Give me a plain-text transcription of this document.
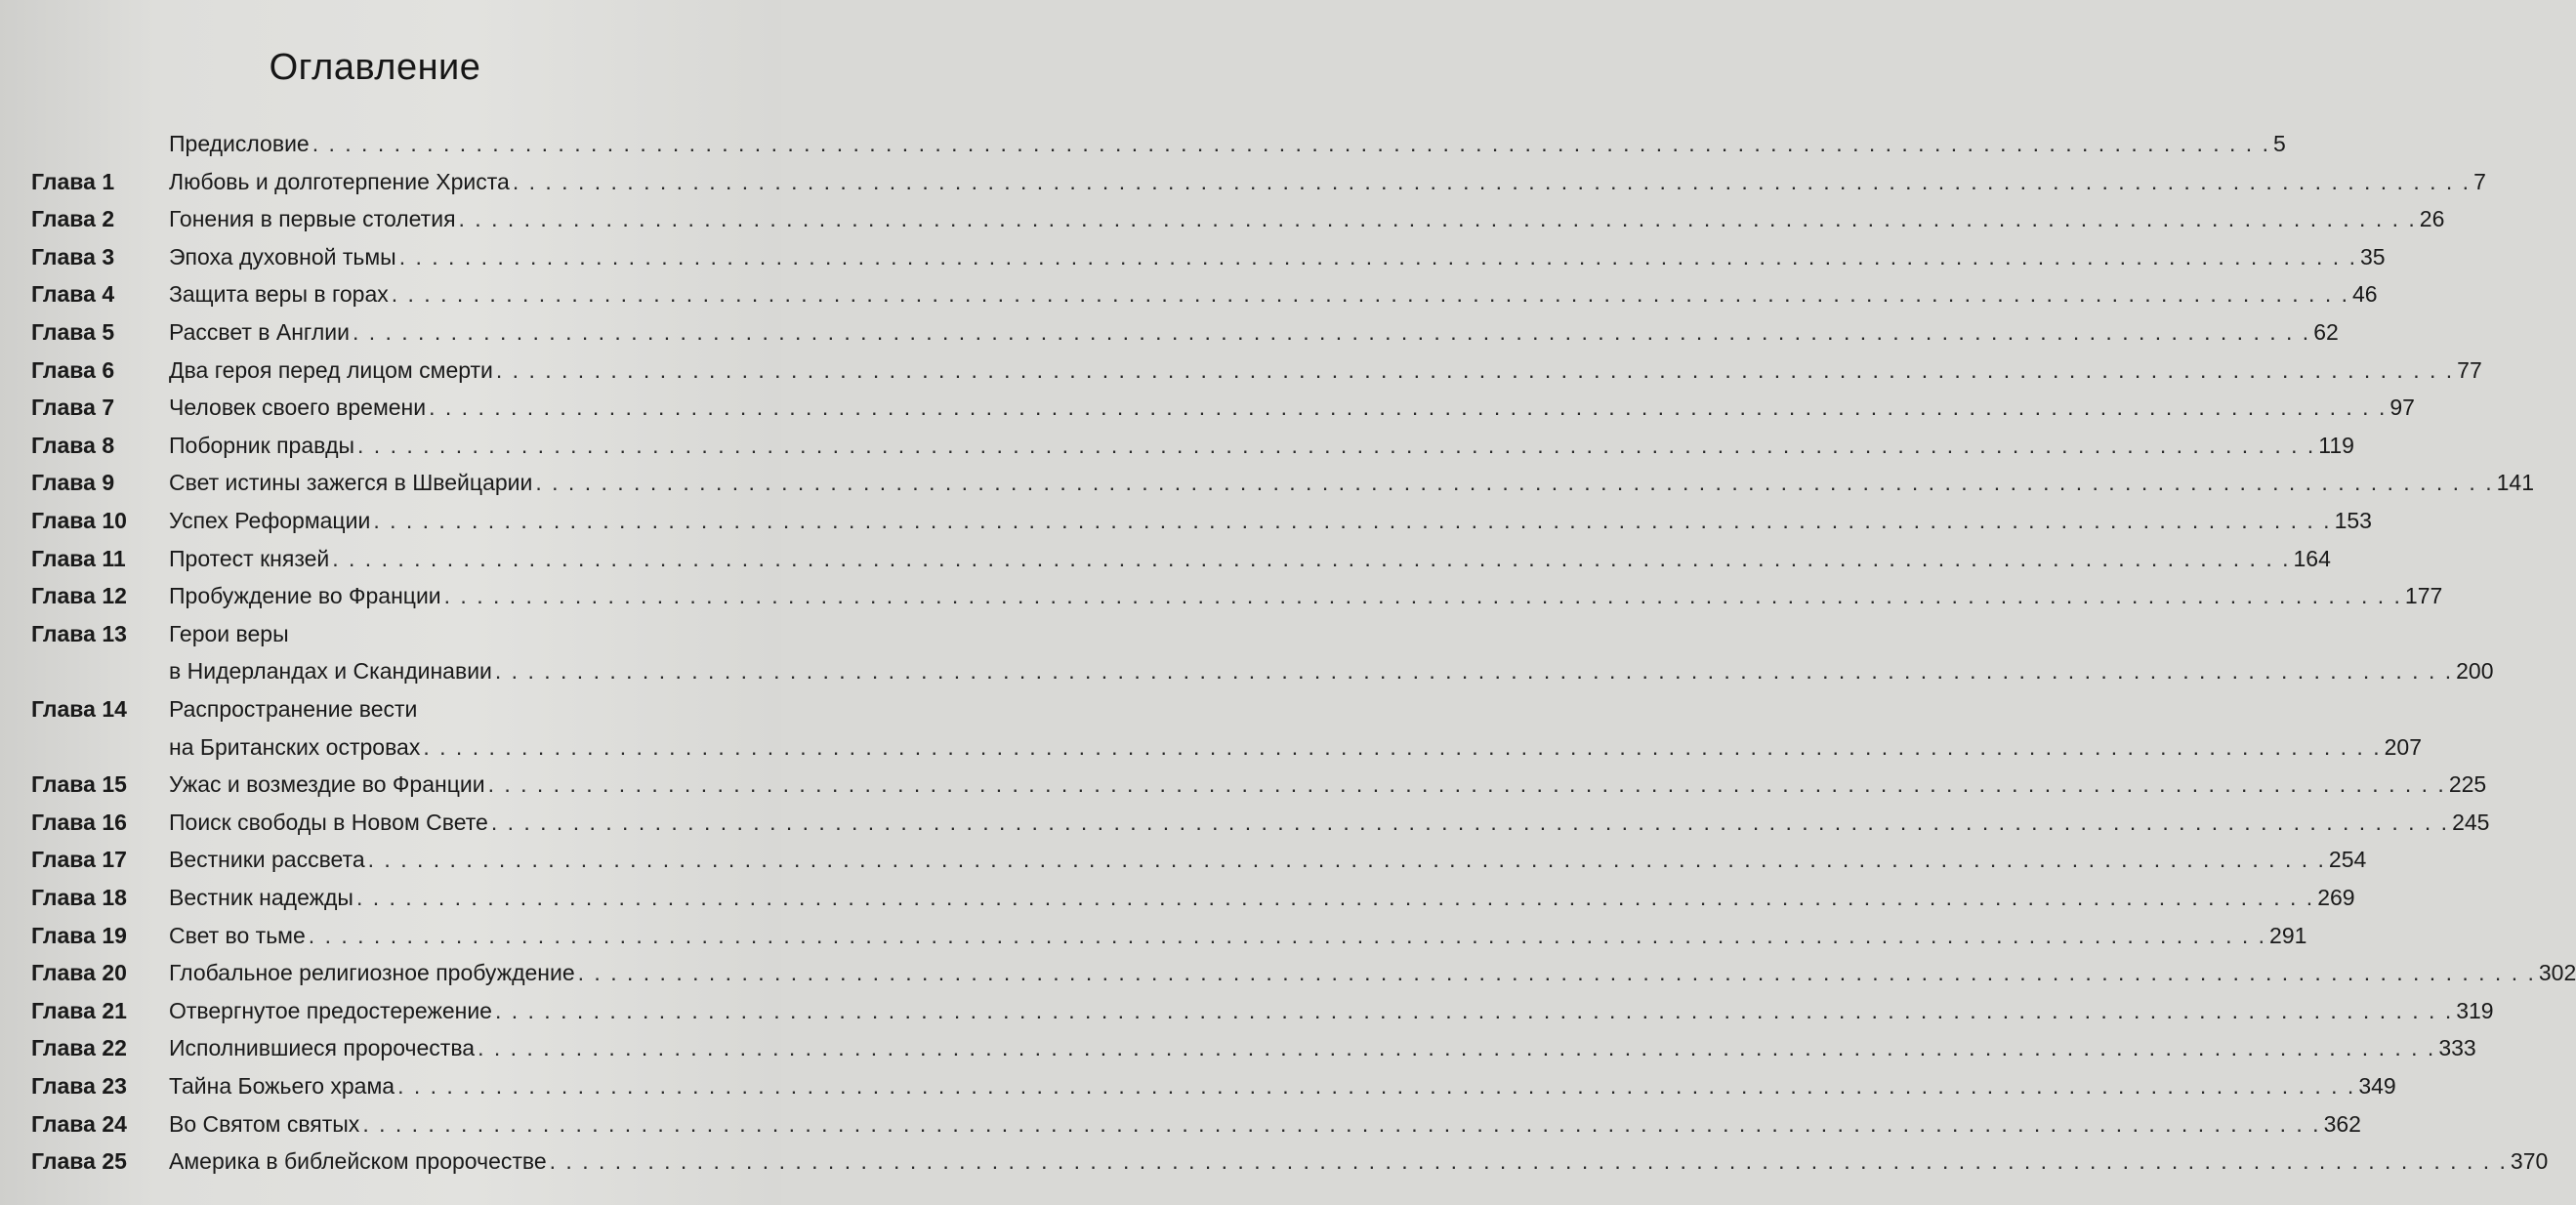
Оглавление
Предисловие . . . . . . . . . . . . . . . . . . . . . . . . . . . . . . . . . . . . . . . . . . . . . . . . . . . . . . . . . . . . . . . . . . . . . . . . . . . . . . . . . . . . . . . . . . . . . . . . . . . . . . . . . . . . . . . . . . . . . . . . 5
Глава 1 Любовь и долготерпение Христа . . . . . . . . . . . . . . . . . . . . . . . . . . . . . . . . . . . . . . . . . . . . . . . . . . . . . . . . . . . . . . . . . . . . . . . . . . . . . . . . . . . . . . . . . . . . . . . . . . . . . . . . . . . . . . . . . . . . . . . . 7
Глава 2 Гонения в первые столетия . . . . . . . . . . . . . . . . . . . . . . . . . . . . . . . . . . . . . . . . . . . . . . . . . . . . . . . . . . . . . . . . . . . . . . . . . . . . . . . . . . . . . . . . . . . . . . . . . . . . . . . . . . . . . . . . . . . . . . . . 26
Глава 3 Эпоха духовной тьмы . . . . . . . . . . . . . . . . . . . . . . . . . . . . . . . . . . . . . . . . . . . . . . . . . . . . . . . . . . . . . . . . . . . . . . . . . . . . . . . . . . . . . . . . . . . . . . . . . . . . . . . . . . . . . . . . . . . . . . . . 35
Глава 4 Защита веры в горах . . . . . . . . . . . . . . . . . . . . . . . . . . . . . . . . . . . . . . . . . . . . . . . . . . . . . . . . . . . . . . . . . . . . . . . . . . . . . . . . . . . . . . . . . . . . . . . . . . . . . . . . . . . . . . . . . . . . . . . . 46
Глава 5 Рассвет в Англии . . . . . . . . . . . . . . . . . . . . . . . . . . . . . . . . . . . . . . . . . . . . . . . . . . . . . . . . . . . . . . . . . . . . . . . . . . . . . . . . . . . . . . . . . . . . . . . . . . . . . . . . . . . . . . . . . . . . . . . . 62
Глава 6 Два героя перед лицом смерти . . . . . . . . . . . . . . . . . . . . . . . . . . . . . . . . . . . . . . . . . . . . . . . . . . . . . . . . . . . . . . . . . . . . . . . . . . . . . . . . . . . . . . . . . . . . . . . . . . . . . . . . . . . . . . . . . . . . . . . . 77
Глава 7 Человек своего времени . . . . . . . . . . . . . . . . . . . . . . . . . . . . . . . . . . . . . . . . . . . . . . . . . . . . . . . . . . . . . . . . . . . . . . . . . . . . . . . . . . . . . . . . . . . . . . . . . . . . . . . . . . . . . . . . . . . . . . . . 97
Глава 8 Поборник правды . . . . . . . . . . . . . . . . . . . . . . . . . . . . . . . . . . . . . . . . . . . . . . . . . . . . . . . . . . . . . . . . . . . . . . . . . . . . . . . . . . . . . . . . . . . . . . . . . . . . . . . . . . . . . . . . . . . . . . . . 119
Глава 9 Свет истины зажегся в Швейцарии . . . . . . . . . . . . . . . . . . . . . . . . . . . . . . . . . . . . . . . . . . . . . . . . . . . . . . . . . . . . . . . . . . . . . . . . . . . . . . . . . . . . . . . . . . . . . . . . . . . . . . . . . . . . . . . . . . . . . . . . 141
Глава 10 Успех Реформации . . . . . . . . . . . . . . . . . . . . . . . . . . . . . . . . . . . . . . . . . . . . . . . . . . . . . . . . . . . . . . . . . . . . . . . . . . . . . . . . . . . . . . . . . . . . . . . . . . . . . . . . . . . . . . . . . . . . . . . . 153
Глава 11 Протест князей . . . . . . . . . . . . . . . . . . . . . . . . . . . . . . . . . . . . . . . . . . . . . . . . . . . . . . . . . . . . . . . . . . . . . . . . . . . . . . . . . . . . . . . . . . . . . . . . . . . . . . . . . . . . . . . . . . . . . . . . 164
Глава 12 Пробуждение во Франции . . . . . . . . . . . . . . . . . . . . . . . . . . . . . . . . . . . . . . . . . . . . . . . . . . . . . . . . . . . . . . . . . . . . . . . . . . . . . . . . . . . . . . . . . . . . . . . . . . . . . . . . . . . . . . . . . . . . . . . . 177
Глава 13 Герои веры
в Нидерландах и Скандинавии . . . . . . . . . . . . . . . . . . . . . . . . . . . . . . . . . . . . . . . . . . . . . . . . . . . . . . . . . . . . . . . . . . . . . . . . . . . . . . . . . . . . . . . . . . . . . . . . . . . . . . . . . . . . . . . . . . . . . . . . 200
Глава 14 Распространение вести
на Британских островах . . . . . . . . . . . . . . . . . . . . . . . . . . . . . . . . . . . . . . . . . . . . . . . . . . . . . . . . . . . . . . . . . . . . . . . . . . . . . . . . . . . . . . . . . . . . . . . . . . . . . . . . . . . . . . . . . . . . . . . . 207
Глава 15 Ужас и возмездие во Франции . . . . . . . . . . . . . . . . . . . . . . . . . . . . . . . . . . . . . . . . . . . . . . . . . . . . . . . . . . . . . . . . . . . . . . . . . . . . . . . . . . . . . . . . . . . . . . . . . . . . . . . . . . . . . . . . . . . . . . . . 225
Глава 16 Поиск свободы в Новом Свете . . . . . . . . . . . . . . . . . . . . . . . . . . . . . . . . . . . . . . . . . . . . . . . . . . . . . . . . . . . . . . . . . . . . . . . . . . . . . . . . . . . . . . . . . . . . . . . . . . . . . . . . . . . . . . . . . . . . . . . . 245
Глава 17 Вестники рассвета . . . . . . . . . . . . . . . . . . . . . . . . . . . . . . . . . . . . . . . . . . . . . . . . . . . . . . . . . . . . . . . . . . . . . . . . . . . . . . . . . . . . . . . . . . . . . . . . . . . . . . . . . . . . . . . . . . . . . . . . 254
Глава 18 Вестник надежды . . . . . . . . . . . . . . . . . . . . . . . . . . . . . . . . . . . . . . . . . . . . . . . . . . . . . . . . . . . . . . . . . . . . . . . . . . . . . . . . . . . . . . . . . . . . . . . . . . . . . . . . . . . . . . . . . . . . . . . . 269
Глава 19 Свет во тьме . . . . . . . . . . . . . . . . . . . . . . . . . . . . . . . . . . . . . . . . . . . . . . . . . . . . . . . . . . . . . . . . . . . . . . . . . . . . . . . . . . . . . . . . . . . . . . . . . . . . . . . . . . . . . . . . . . . . . . . . 291
Глава 20 Глобальное религиозное пробуждение . . . . . . . . . . . . . . . . . . . . . . . . . . . . . . . . . . . . . . . . . . . . . . . . . . . . . . . . . . . . . . . . . . . . . . . . . . . . . . . . . . . . . . . . . . . . . . . . . . . . . . . . . . . . . . . . . . . . . . . . 302
Глава 21 Отвергнутое предостережение . . . . . . . . . . . . . . . . . . . . . . . . . . . . . . . . . . . . . . . . . . . . . . . . . . . . . . . . . . . . . . . . . . . . . . . . . . . . . . . . . . . . . . . . . . . . . . . . . . . . . . . . . . . . . . . . . . . . . . . . 319
Глава 22 Исполнившиеся пророчества . . . . . . . . . . . . . . . . . . . . . . . . . . . . . . . . . . . . . . . . . . . . . . . . . . . . . . . . . . . . . . . . . . . . . . . . . . . . . . . . . . . . . . . . . . . . . . . . . . . . . . . . . . . . . . . . . . . . . . . . 333
Глава 23 Тайна Божьего храма . . . . . . . . . . . . . . . . . . . . . . . . . . . . . . . . . . . . . . . . . . . . . . . . . . . . . . . . . . . . . . . . . . . . . . . . . . . . . . . . . . . . . . . . . . . . . . . . . . . . . . . . . . . . . . . . . . . . . . . . 349
Глава 24 Во Святом святых . . . . . . . . . . . . . . . . . . . . . . . . . . . . . . . . . . . . . . . . . . . . . . . . . . . . . . . . . . . . . . . . . . . . . . . . . . . . . . . . . . . . . . . . . . . . . . . . . . . . . . . . . . . . . . . . . . . . . . . . 362
Глава 25 Америка в библейском пророчестве . . . . . . . . . . . . . . . . . . . . . . . . . . . . . . . . . . . . . . . . . . . . . . . . . . . . . . . . . . . . . . . . . . . . . . . . . . . . . . . . . . . . . . . . . . . . . . . . . . . . . . . . . . . . . . . . . . . . . . . . 370
